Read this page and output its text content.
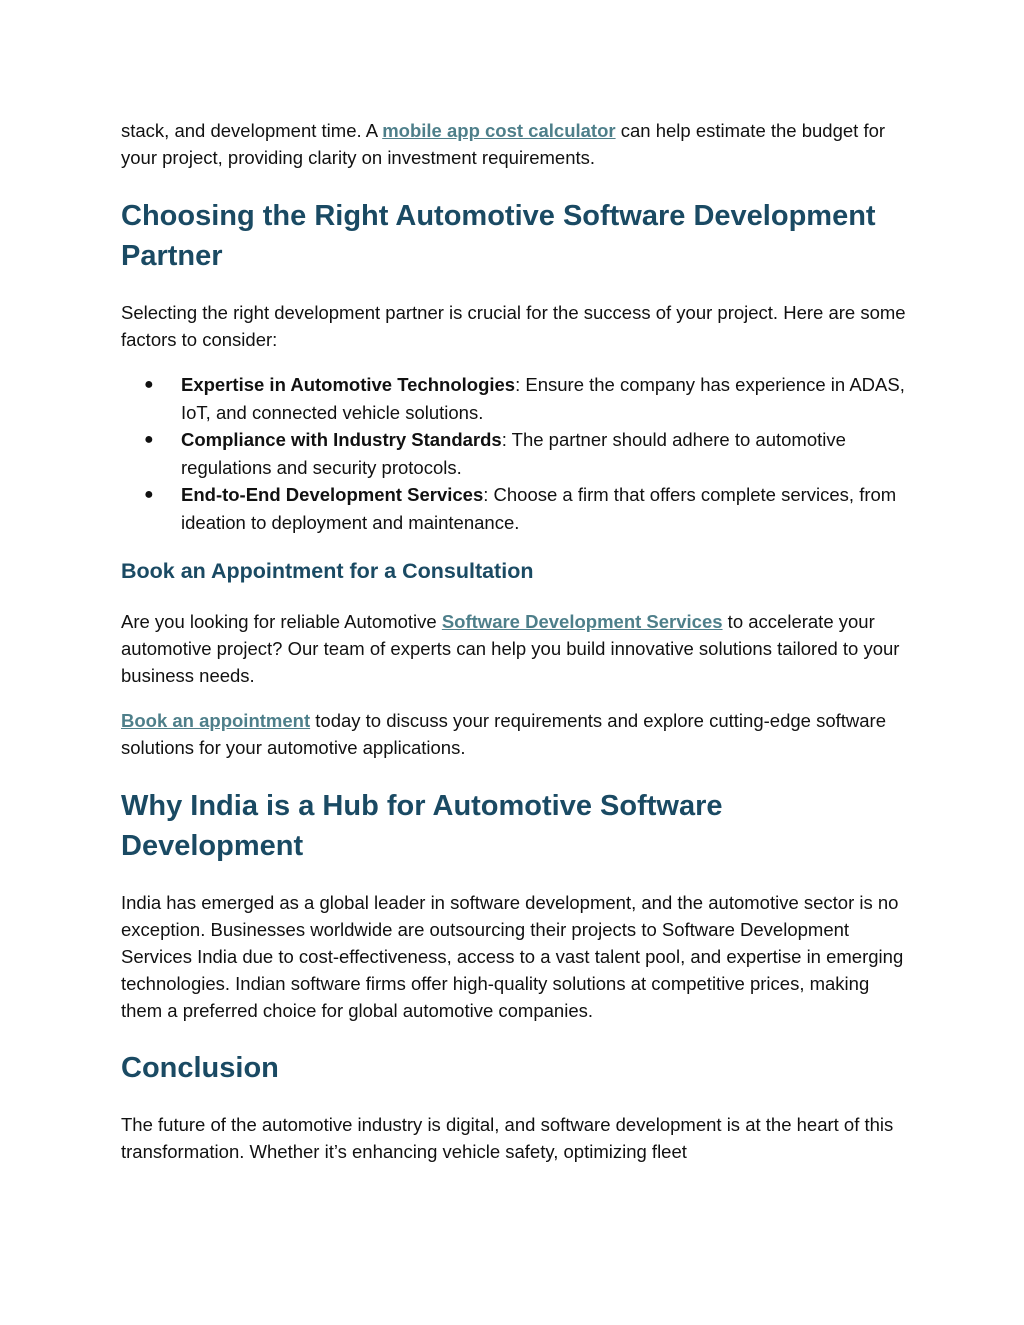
stack, and development time. A mobile app cost calculator can help estimate the budget for your project, providing clarity on investment requirements.

Choosing the Right Automotive Software Development Partner

Selecting the right development partner is crucial for the success of your project. Here are some factors to consider:

● Expertise in Automotive Technologies: Ensure the company has experience in ADAS, IoT, and connected vehicle solutions.
● Compliance with Industry Standards: The partner should adhere to automotive regulations and security protocols.
● End-to-End Development Services: Choose a firm that offers complete services, from ideation to deployment and maintenance.
Book an Appointment for a Consultation

Are you looking for reliable Automotive Software Development Services to accelerate your automotive project? Our team of experts can help you build innovative solutions tailored to your business needs.

Book an appointment today to discuss your requirements and explore cutting-edge software solutions for your automotive applications.

Why India is a Hub for Automotive Software Development

India has emerged as a global leader in software development, and the automotive sector is no exception. Businesses worldwide are outsourcing their projects to Software Development Services India due to cost-effectiveness, access to a vast talent pool, and expertise in emerging technologies. Indian software firms offer high-quality solutions at competitive prices, making them a preferred choice for global automotive companies.

Conclusion

The future of the automotive industry is digital, and software development is at the heart of this transformation. Whether it’s enhancing vehicle safety, optimizing fleet
